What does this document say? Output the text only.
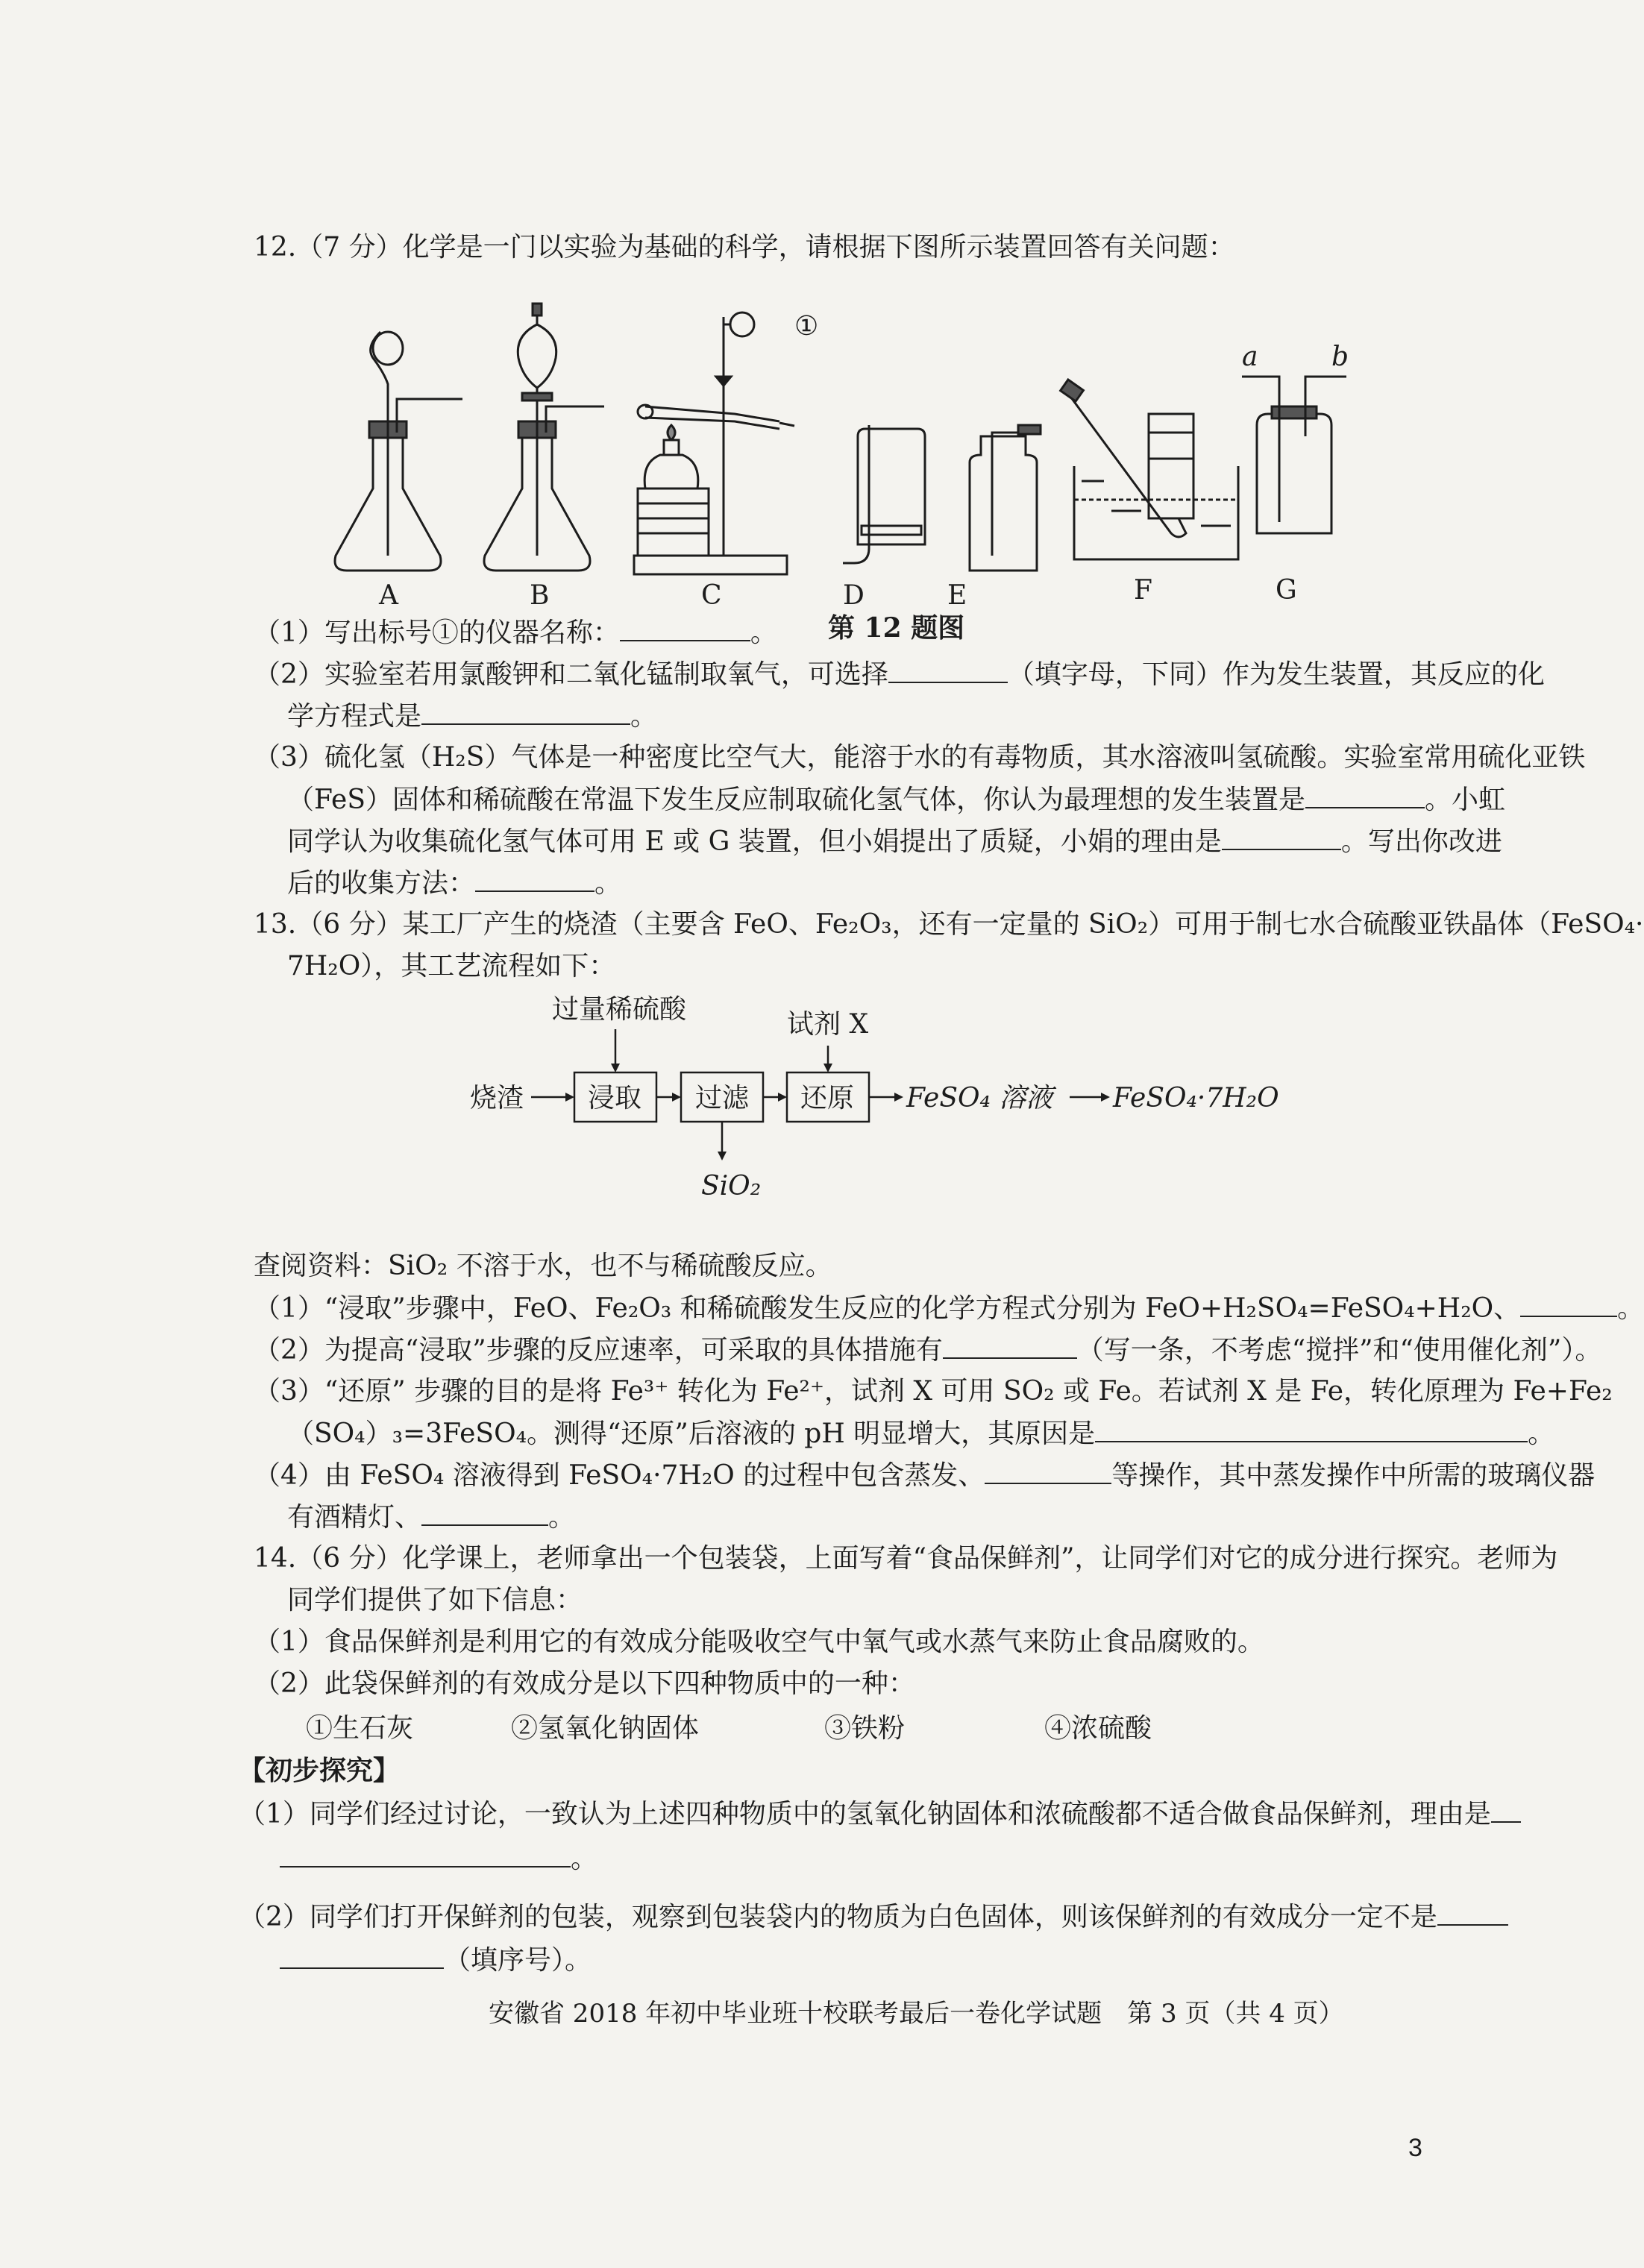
12.（7 分）化学是一门以实验为基础的科学，请根据下图所示装置回答有关问题：
①
a	b
A	B	C	D	E	F	G
第 12 题图
（1）写出标号①的仪器名称：	。
（2）实验室若用氯酸钾和二氧化锰制取氧气，可选择	（填字母，下同）作为发生装置，其反应的化
学方程式是	。
（3）硫化氢（H₂S）气体是一种密度比空气大，能溶于水的有毒物质，其水溶液叫氢硫酸。实验室常用硫化亚铁
（FeS）固体和稀硫酸在常温下发生反应制取硫化氢气体，你认为最理想的发生装置是	。小虹
同学认为收集硫化氢气体可用 E 或 G 装置，但小娟提出了质疑，小娟的理由是	。写出你改进
后的收集方法：	。
13.（6 分）某工厂产生的烧渣（主要含 FeO、Fe₂O₃，还有一定量的 SiO₂）可用于制七水合硫酸亚铁晶体（FeSO₄·
7H₂O），其工艺流程如下：
过量稀硫酸	试剂 X
烧渣 浸取 过滤 还原 FeSO₄ 溶液 FeSO₄·7H₂O
SiO₂
查阅资料：SiO₂ 不溶于水，也不与稀硫酸反应。
（1）“浸取”步骤中，FeO、Fe₂O₃ 和稀硫酸发生反应的化学方程式分别为 FeO+H₂SO₄=FeSO₄+H₂O、	。
（2）为提高“浸取”步骤的反应速率，可采取的具体措施有	（写一条，不考虑“搅拌”和“使用催化剂”）。
（3）“还原” 步骤的目的是将 Fe³⁺ 转化为 Fe²⁺，试剂 X 可用 SO₂ 或 Fe。若试剂 X 是 Fe，转化原理为 Fe+Fe₂
（SO₄）₃=3FeSO₄。测得“还原”后溶液的 pH 明显增大，其原因是	。
（4）由 FeSO₄ 溶液得到 FeSO₄·7H₂O 的过程中包含蒸发、	等操作，其中蒸发操作中所需的玻璃仪器
有酒精灯、	。
14.（6 分）化学课上，老师拿出一个包装袋，上面写着“食品保鲜剂”，让同学们对它的成分进行探究。老师为
同学们提供了如下信息：
（1）食品保鲜剂是利用它的有效成分能吸收空气中氧气或水蒸气来防止食品腐败的。
（2）此袋保鲜剂的有效成分是以下四种物质中的一种：
①生石灰	②氢氧化钠固体	③铁粉	④浓硫酸
【初步探究】
（1）同学们经过讨论，一致认为上述四种物质中的氢氧化钠固体和浓硫酸都不适合做食品保鲜剂，理由是
。
（2）同学们打开保鲜剂的包装，观察到包装袋内的物质为白色固体，则该保鲜剂的有效成分一定不是
（填序号）。
安徽省 2018 年初中毕业班十校联考最后一卷化学试题　第 3 页（共 4 页）
3
